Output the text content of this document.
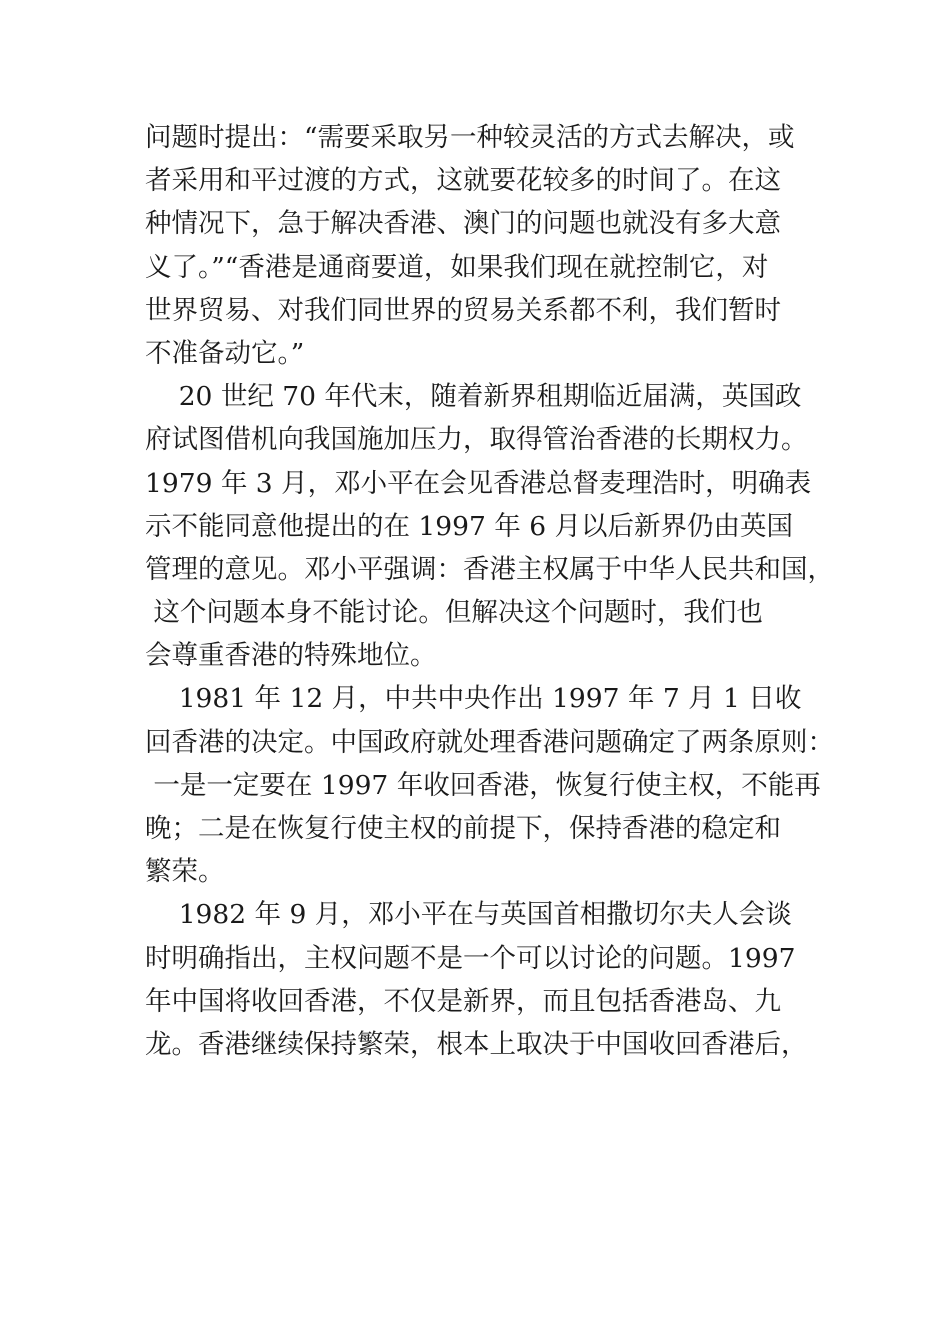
问题时提出：“需要采取另一种较灵活的方式去解决，或
者采用和平过渡的方式，这就要花较多的时间了。在这
种情况下，急于解决香港、澳门的问题也就没有多大意
义了。”“香港是通商要道，如果我们现在就控制它，对
世界贸易、对我们同世界的贸易关系都不利，我们暂时
不准备动它。”
20 世纪 70 年代末，随着新界租期临近届满，英国政
府试图借机向我国施加压力，取得管治香港的长期权力。
1979 年 3 月，邓小平在会见香港总督麦理浩时，明确表
示不能同意他提出的在 1997 年 6 月以后新界仍由英国
管理的意见。邓小平强调：香港主权属于中华人民共和国，
这个问题本身不能讨论。但解决这个问题时，我们也
会尊重香港的特殊地位。
1981 年 12 月，中共中央作出 1997 年 7 月 1 日收
回香港的决定。中国政府就处理香港问题确定了两条原则：
一是一定要在 1997 年收回香港，恢复行使主权，不能再
晚；二是在恢复行使主权的前提下，保持香港的稳定和
繁荣。
1982 年 9 月，邓小平在与英国首相撒切尔夫人会谈
时明确指出，主权问题不是一个可以讨论的问题。1997
年中国将收回香港，不仅是新界，而且包括香港岛、九
龙。香港继续保持繁荣，根本上取决于中国收回香港后，
